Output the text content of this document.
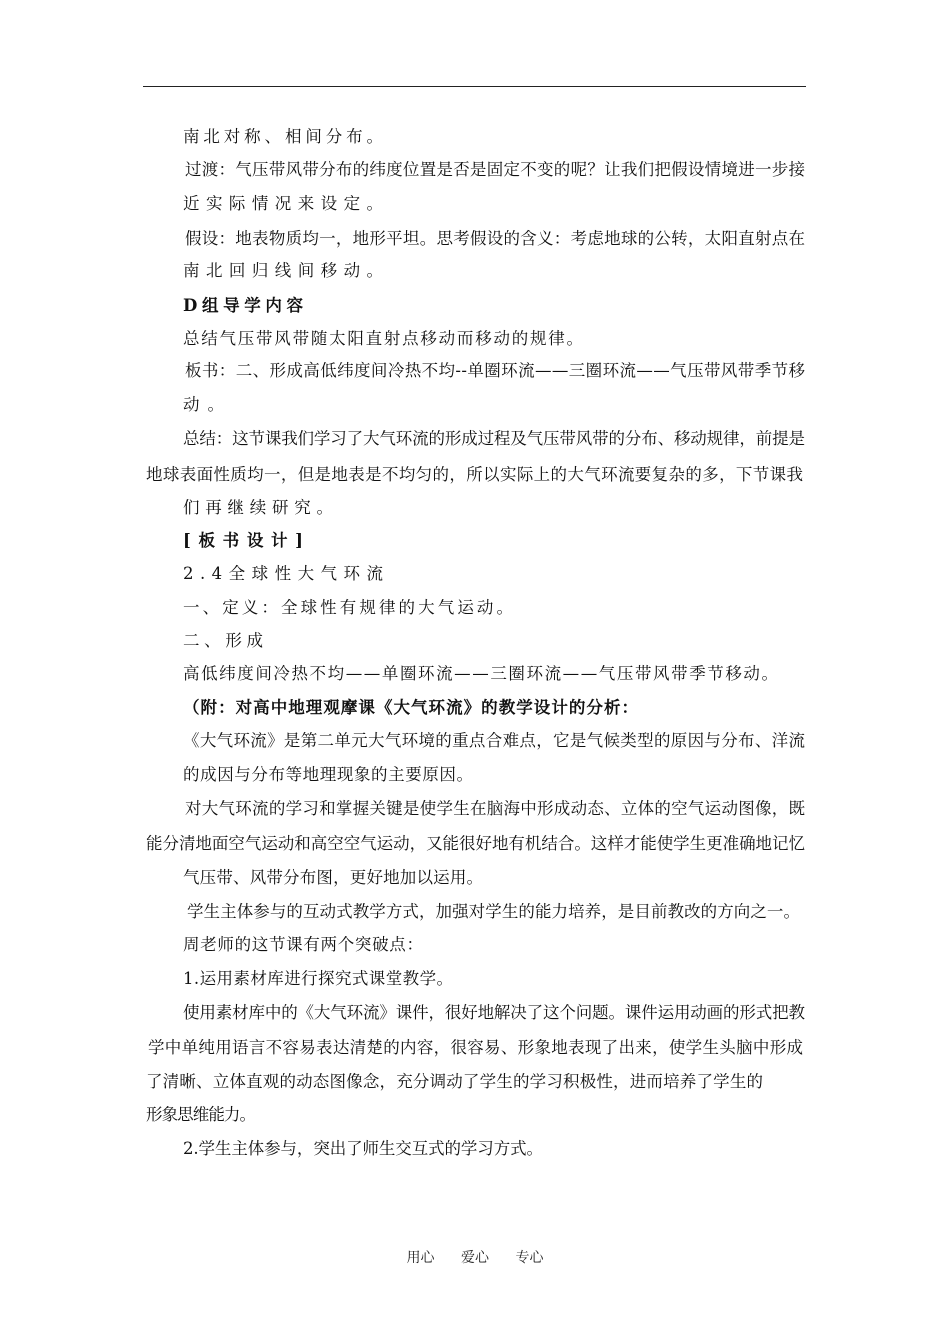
南北对称、相间分布。
过渡：气压带风带分布的纬度位置是否是固定不变的呢？让我们把假设情境进一步接
近实际情况来设定。
假设：地表物质均一，地形平坦。思考假设的含义：考虑地球的公转，太阳直射点在
南北回归线间移动。
D组导学内容
总结气压带风带随太阳直射点移动而移动的规律。
板书：二、形成高低纬度间冷热不均--单圈环流——三圈环流——气压带风带季节移
动。
总结：这节课我们学习了大气环流的形成过程及气压带风带的分布、移动规律，前提是
地球表面性质均一，但是地表是不均匀的，所以实际上的大气环流要复杂的多，下节课我
们再继续研究。
[板书设计]
2.4全球性大气环流
一、定义：全球性有规律的大气运动。
二、形成
高低纬度间冷热不均——单圈环流——三圈环流——气压带风带季节移动。
（附：对高中地理观摩课《大气环流》的教学设计的分析：
《大气环流》是第二单元大气环境的重点合难点，它是气候类型的原因与分布、洋流
的成因与分布等地理现象的主要原因。
对大气环流的学习和掌握关键是使学生在脑海中形成动态、立体的空气运动图像，既
能分清地面空气运动和高空空气运动，又能很好地有机结合。这样才能使学生更准确地记忆
气压带、风带分布图，更好地加以运用。
学生主体参与的互动式教学方式，加强对学生的能力培养，是目前教改的方向之一。
周老师的这节课有两个突破点：
1.运用素材库进行探究式课堂教学。
使用素材库中的《大气环流》课件，很好地解决了这个问题。课件运用动画的形式把教
学中单纯用语言不容易表达清楚的内容，很容易、形象地表现了出来，使学生头脑中形成
了清晰、立体直观的动态图像念，充分调动了学生的学习积极性，进而培养了学生的
形象思维能力。
2.学生主体参与，突出了师生交互式的学习方式。
用心 爱心 专心
